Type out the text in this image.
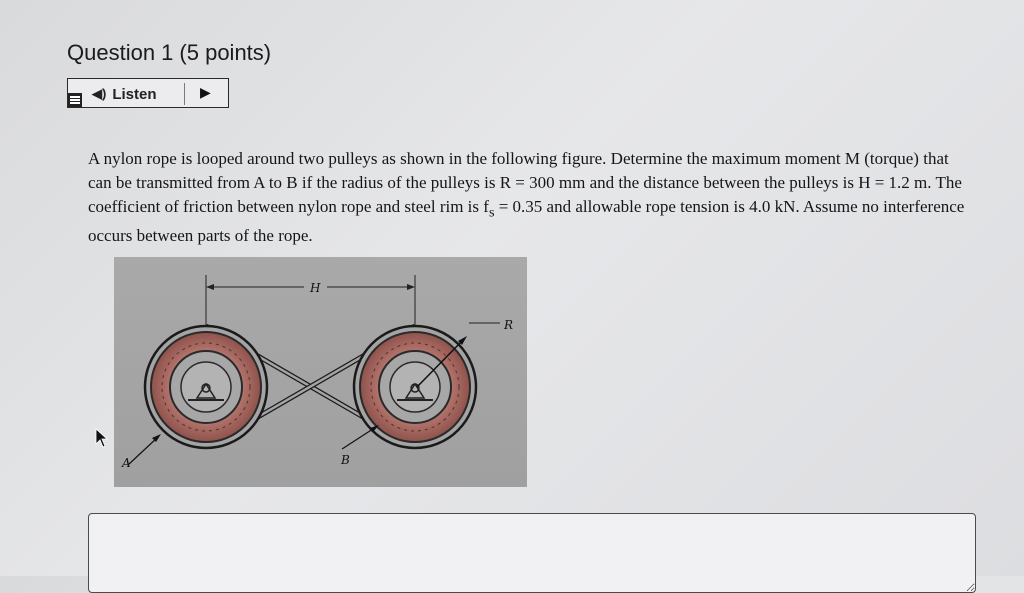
Question 1 (5 points)
◀) Listen	▶

A nylon rope is looped around two pulleys as shown in the following figure. Determine the maximum moment M (torque) that can be transmitted from A to B if the radius of the pulleys is R = 300 mm and the distance between the pulleys is H = 1.2 m. The coefficient of friction between nylon rope and steel rim is $f_s = 0.35$ and allowable rope tension is 4.0 kN. Assume no interference occurs between parts of the rope.

H
R
A	B
